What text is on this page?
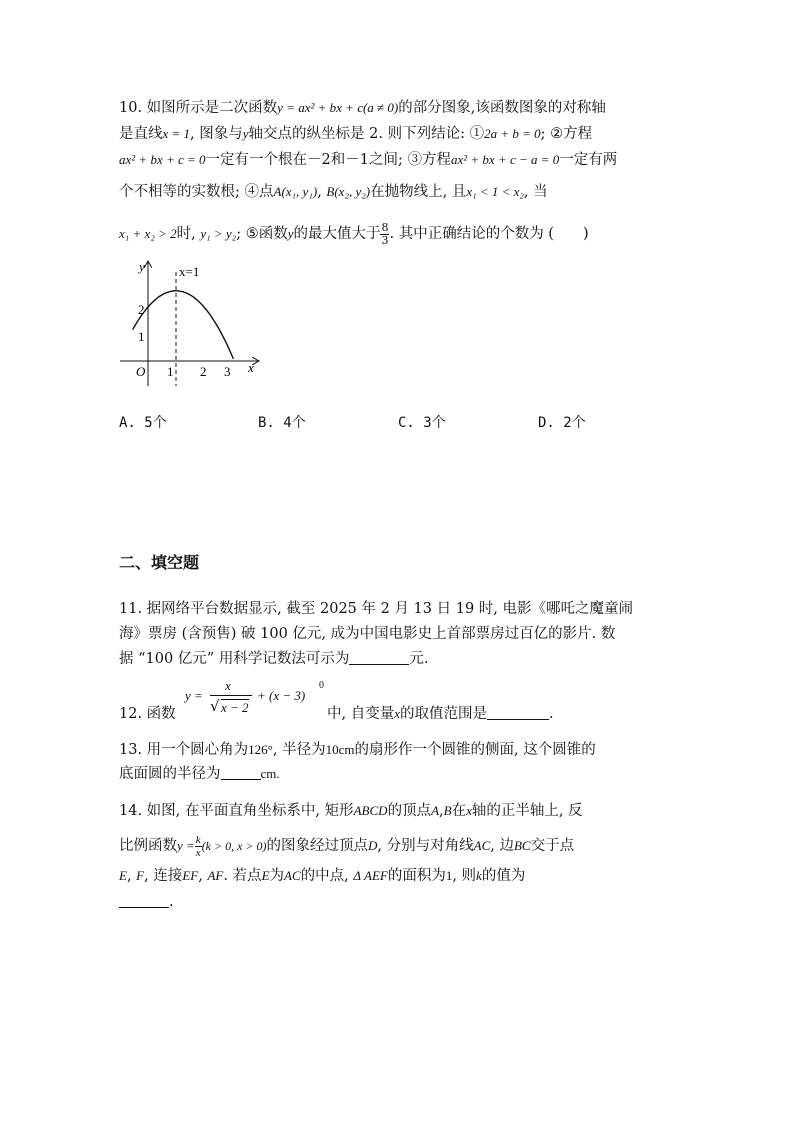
10. 如图所示是二次函数y = ax² + bx + c(a ≠ 0)的部分图象,该函数图象的对称轴
是直线x = 1, 图象与y轴交点的纵坐标是 2. 则下列结论: ①2a + b = 0; ②方程
ax² + bx + c = 0一定有一个根在－2和－1之间; ③方程ax² + bx + c − a = 0一定有两
个不相等的实数根; ④点A(x₁, y₁), B(x₂, y₂)在抛物线上, 且x₁ < 1 < x₂, 当
x₁ + x₂ > 2时, y₁ > y₂; ⑤函数y的最大值大于 $\frac{8}{3}$ . 其中正确结论的个数为 (　　)
y
x
O
x=1
1 2 3
1
2
A. 5个	B. 4个	C. 3个	D. 2个
二、填空题
11. 据网络平台数据显示, 截至 2025 年 2 月 13 日 19 时, 电影《哪吒之魔童闹
海》票房 (含预售) 破 100 亿元, 成为中国电影史上首部票房过百亿的影片. 数
据 “100 亿元” 用科学记数法可示为	元.
12. 函数
y =
x
√ x − 2
+ (x − 3)
0
中, 自变量x的取值范围是	.
13. 用一个圆心角为126°, 半径为10cm的扇形作一个圆锥的侧面, 这个圆锥的
底面圆的半径为	cm.
14. 如图, 在平面直角坐标系中, 矩形ABCD的顶点A,B在x轴的正半轴上, 反
比例函数$y = \frac{k}{x} (k > 0$, x > 0)的图象经过顶点D, 分别与对角线AC, 边BC交于点
E, F, 连接EF, AF. 若点E为AC的中点, Δ AEF的面积为1, 则k的值为
.
